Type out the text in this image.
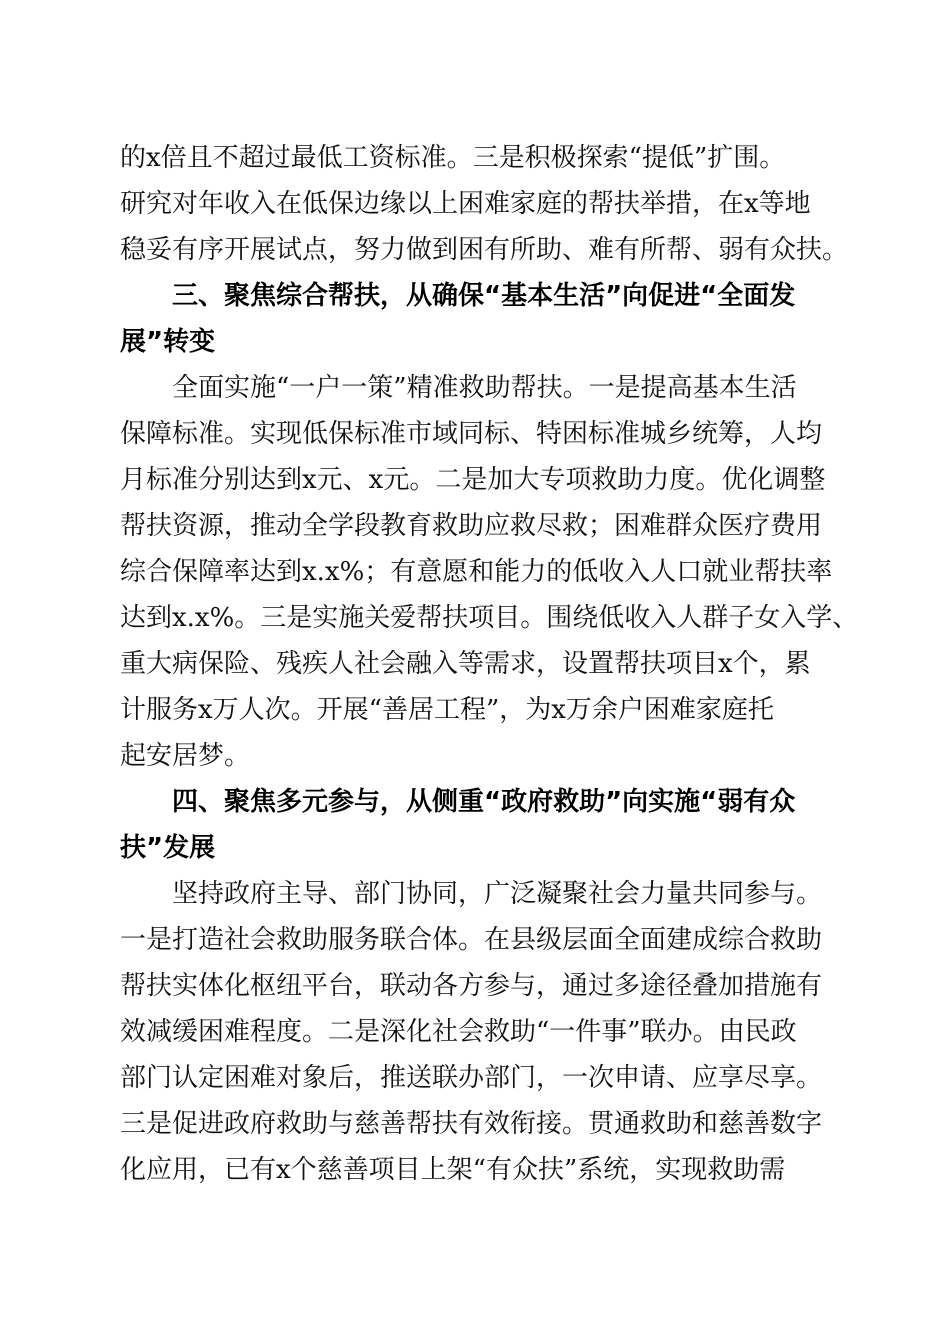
的x倍且不超过最低工资标准。三是积极探索“提低”扩围。
研究对年收入在低保边缘以上困难家庭的帮扶举措，在x等地
稳妥有序开展试点，努力做到困有所助、难有所帮、弱有众扶。
三、聚焦综合帮扶，从确保“基本生活”向促进“全面发
展”转变
全面实施“一户一策”精准救助帮扶。一是提高基本生活
保障标准。实现低保标准市域同标、特困标准城乡统筹，人均
月标准分别达到x元、x元。二是加大专项救助力度。优化调整
帮扶资源，推动全学段教育救助应救尽救；困难群众医疗费用
综合保障率达到x.x%；有意愿和能力的低收入人口就业帮扶率
达到x.x%。三是实施关爱帮扶项目。围绕低收入人群子女入学、
重大病保险、残疾人社会融入等需求，设置帮扶项目x个，累
计服务x万人次。开展“善居工程”，为x万余户困难家庭托
起安居梦。
四、聚焦多元参与，从侧重“政府救助”向实施“弱有众
扶”发展
坚持政府主导、部门协同，广泛凝聚社会力量共同参与。
一是打造社会救助服务联合体。在县级层面全面建成综合救助
帮扶实体化枢纽平台，联动各方参与，通过多途径叠加措施有
效减缓困难程度。二是深化社会救助“一件事”联办。由民政
部门认定困难对象后，推送联办部门，一次申请、应享尽享。
三是促进政府救助与慈善帮扶有效衔接。贯通救助和慈善数字
化应用，已有x个慈善项目上架“有众扶”系统，实现救助需
